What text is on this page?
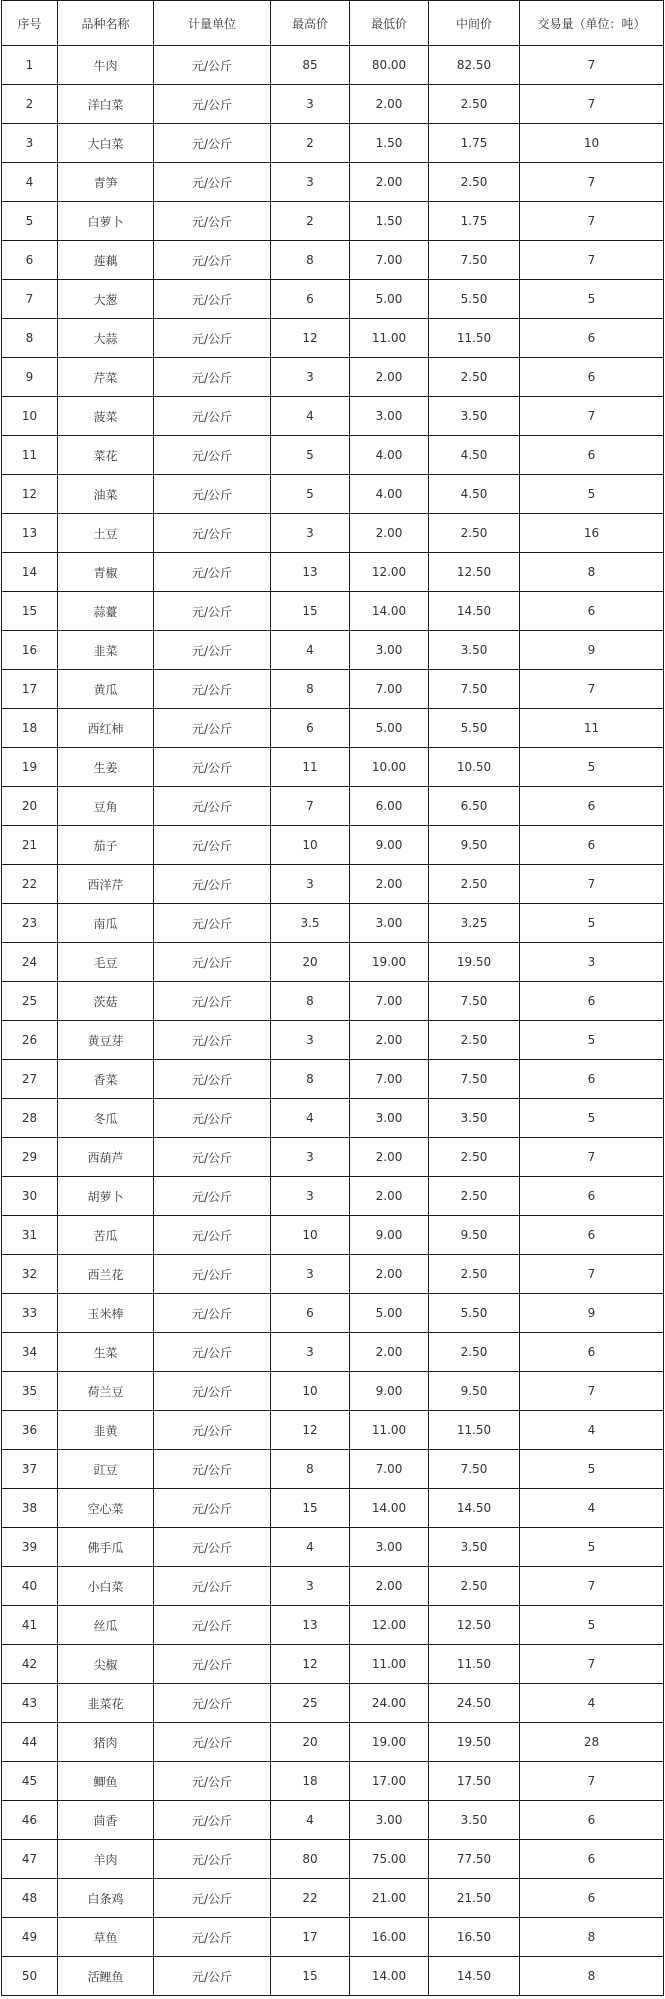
序号	品种名称	计量单位	最高价	最低价	中间价	交易量（单位：吨）
1	牛肉	元/公斤	85	80.00	82.50	7
2	洋白菜	元/公斤	3	2.00	2.50	7
3	大白菜	元/公斤	2	1.50	1.75	10
4	青笋	元/公斤	3	2.00	2.50	7
5	白萝卜	元/公斤	2	1.50	1.75	7
6	莲藕	元/公斤	8	7.00	7.50	7
7	大葱	元/公斤	6	5.00	5.50	5
8	大蒜	元/公斤	12	11.00	11.50	6
9	芹菜	元/公斤	3	2.00	2.50	6
10	菠菜	元/公斤	4	3.00	3.50	7
11	菜花	元/公斤	5	4.00	4.50	6
12	油菜	元/公斤	5	4.00	4.50	5
13	土豆	元/公斤	3	2.00	2.50	16
14	青椒	元/公斤	13	12.00	12.50	8
15	蒜薹	元/公斤	15	14.00	14.50	6
16	韭菜	元/公斤	4	3.00	3.50	9
17	黄瓜	元/公斤	8	7.00	7.50	7
18	西红柿	元/公斤	6	5.00	5.50	11
19	生姜	元/公斤	11	10.00	10.50	5
20	豆角	元/公斤	7	6.00	6.50	6
21	茄子	元/公斤	10	9.00	9.50	6
22	西洋芹	元/公斤	3	2.00	2.50	7
23	南瓜	元/公斤	3.5	3.00	3.25	5
24	毛豆	元/公斤	20	19.00	19.50	3
25	茨菇	元/公斤	8	7.00	7.50	6
26	黄豆芽	元/公斤	3	2.00	2.50	5
27	香菜	元/公斤	8	7.00	7.50	6
28	冬瓜	元/公斤	4	3.00	3.50	5
29	西葫芦	元/公斤	3	2.00	2.50	7
30	胡萝卜	元/公斤	3	2.00	2.50	6
31	苦瓜	元/公斤	10	9.00	9.50	6
32	西兰花	元/公斤	3	2.00	2.50	7
33	玉米棒	元/公斤	6	5.00	5.50	9
34	生菜	元/公斤	3	2.00	2.50	6
35	荷兰豆	元/公斤	10	9.00	9.50	7
36	韭黄	元/公斤	12	11.00	11.50	4
37	豇豆	元/公斤	8	7.00	7.50	5
38	空心菜	元/公斤	15	14.00	14.50	4
39	佛手瓜	元/公斤	4	3.00	3.50	5
40	小白菜	元/公斤	3	2.00	2.50	7
41	丝瓜	元/公斤	13	12.00	12.50	5
42	尖椒	元/公斤	12	11.00	11.50	7
43	韭菜花	元/公斤	25	24.00	24.50	4
44	猪肉	元/公斤	20	19.00	19.50	28
45	鲫鱼	元/公斤	18	17.00	17.50	7
46	茴香	元/公斤	4	3.00	3.50	6
47	羊肉	元/公斤	80	75.00	77.50	6
48	白条鸡	元/公斤	22	21.00	21.50	6
49	草鱼	元/公斤	17	16.00	16.50	8
50	活鲤鱼	元/公斤	15	14.00	14.50	8
